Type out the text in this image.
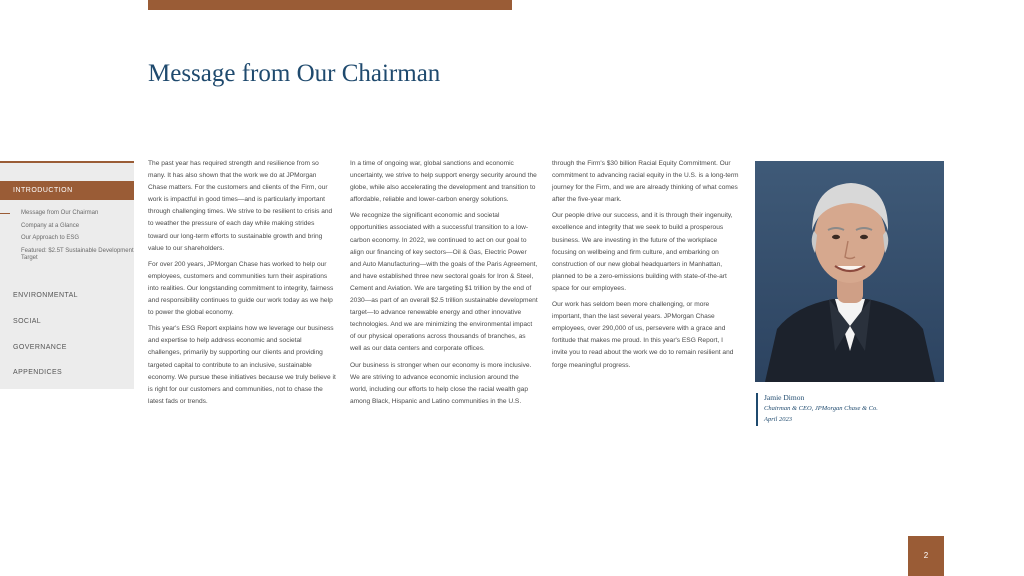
Message from Our Chairman
INTRODUCTION
Message from Our Chairman
Company at a Glance
Our Approach to ESG
Featured: $2.5T Sustainable Development Target
ENVIRONMENTAL
SOCIAL
GOVERNANCE
APPENDICES

The past year has required strength and resilience from so many. It has also shown that the work we do at JPMorgan Chase matters. For the customers and clients of the Firm, our work is impactful in good times—and is particularly important through challenging times. We strive to be resilient to crisis and to weather the pressure of each day while making strides toward our long-term efforts to sustainable growth and bring value to our shareholders.

For over 200 years, JPMorgan Chase has worked to help our employees, customers and communities turn their aspirations into realities. Our longstanding commitment to integrity, fairness and responsibility continues to guide our work today as we help to power the global economy.

This year's ESG Report explains how we leverage our business and expertise to help address economic and societal challenges, primarily by supporting our clients and providing targeted capital to contribute to an inclusive, sustainable economy. We pursue these initiatives because we truly believe it is right for our customers and communities, not to chase the latest fads or trends.

In a time of ongoing war, global sanctions and economic uncertainty, we strive to help support energy security around the globe, while also accelerating the development and transition to affordable, reliable and lower-carbon energy solutions.

We recognize the significant economic and societal opportunities associated with a successful transition to a low-carbon economy. In 2022, we continued to act on our goal to align our financing of key sectors—Oil & Gas, Electric Power and Auto Manufacturing—with the goals of the Paris Agreement, and have established three new sectoral goals for Iron & Steel, Cement and Aviation. We are targeting $1 trillion by the end of 2030—as part of an overall $2.5 trillion sustainable development target—to advance renewable energy and other innovative technologies. And we are minimizing the environmental impact of our physical operations across thousands of branches, as well as our data centers and corporate offices.

Our business is stronger when our economy is more inclusive. We are striving to advance economic inclusion around the world, including our efforts to help close the racial wealth gap among Black, Hispanic and Latino communities in the U.S.

through the Firm's $30 billion Racial Equity Commitment. Our commitment to advancing racial equity in the U.S. is a long-term journey for the Firm, and we are already thinking of what comes after the five-year mark.

Our people drive our success, and it is through their ingenuity, excellence and integrity that we seek to build a prosperous business. We are investing in the future of the workplace focusing on wellbeing and firm culture, and embarking on construction of our new global headquarters in Manhattan, planned to be a zero-emissions building with state-of-the-art space for our employees.

Our work has seldom been more challenging, or more important, than the last several years. JPMorgan Chase employees, over 290,000 of us, persevere with a grace and fortitude that makes me proud. In this year's ESG Report, I invite you to read about the work we do to remain resilient and forge meaningful progress.

Jamie Dimon
Chairman & CEO, JPMorgan Chase & Co.
April 2023
2
